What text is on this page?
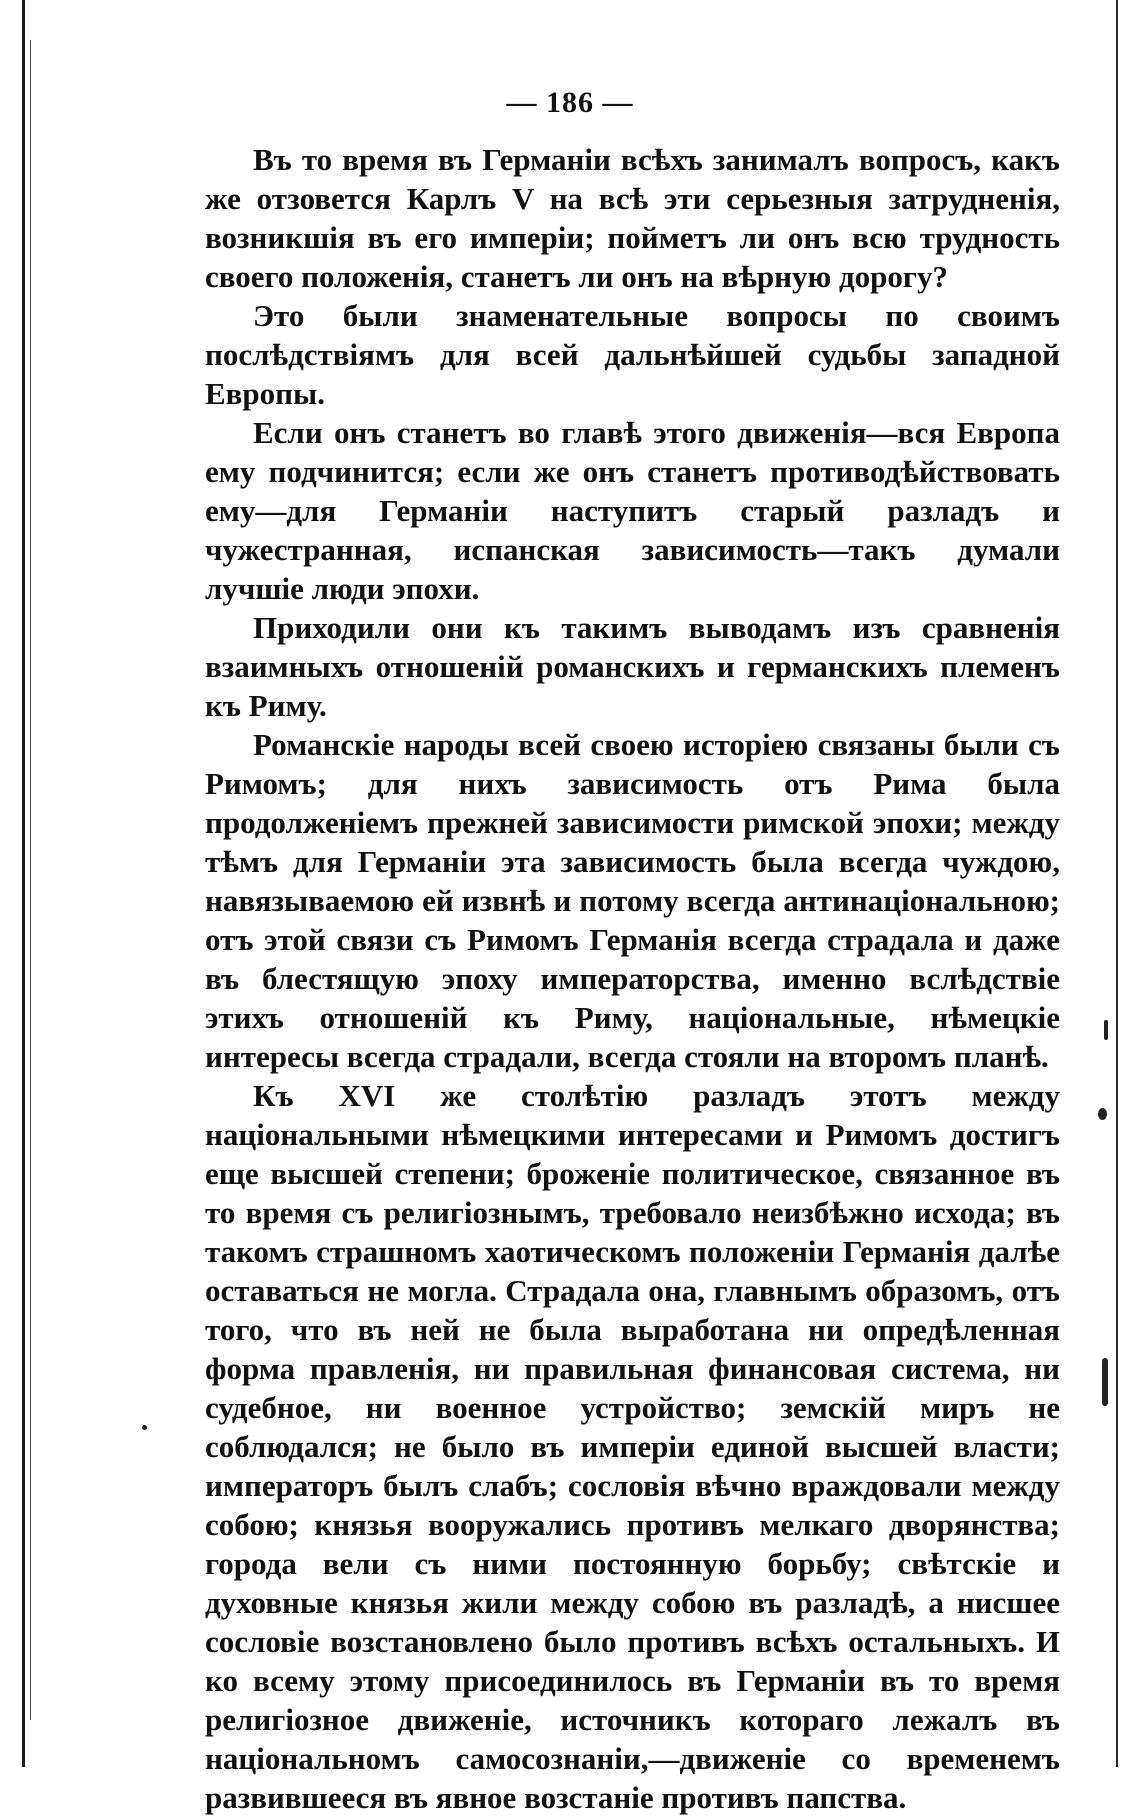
— 186 —

Въ то время въ Германіи всѣхъ занималъ вопросъ, какъ же отзовется Карлъ V на всѣ эти серьезныя затрудненія, возникшія въ его имперіи; пойметъ ли онъ всю трудность своего положенія, станетъ ли онъ на вѣрную дорогу?

Это были знаменательные вопросы по своимъ послѣдствіямъ для всей дальнѣйшей судьбы западной Европы.

Если онъ станетъ во главѣ этого движенія—вся Европа ему подчинится; если же онъ станетъ противодѣйствовать ему—для Германіи наступитъ старый разладъ и чужестранная, испанская зависимость—такъ думали лучшіе люди эпохи.

Приходили они къ такимъ выводамъ изъ сравненія взаимныхъ отношеній романскихъ и германскихъ племенъ къ Риму.

Романскіе народы всей своею исторіею связаны были съ Римомъ; для нихъ зависимость отъ Рима была продолженіемъ прежней зависимости римской эпохи; между тѣмъ для Германіи эта зависимость была всегда чуждою, навязываемою ей извнѣ и потому всегда антинаціональною; отъ этой связи съ Римомъ Германія всегда страдала и даже въ блестящую эпоху императорства, именно вслѣдствіе этихъ отношеній къ Риму, національные, нѣмецкіе интересы всегда страдали, всегда стояли на второмъ планѣ.

Къ XVI же столѣтію разладъ этотъ между національными нѣмецкими интересами и Римомъ достигъ еще высшей степени; броженіе политическое, связанное въ то время съ религіознымъ, требовало неизбѣжно исхода; въ такомъ страшномъ хаотическомъ положеніи Германія далѣе оставаться не могла. Страдала она, главнымъ образомъ, отъ того, что въ ней не была выработана ни опредѣленная форма правленія, ни правильная финансовая система, ни судебное, ни военное устройство; земскій миръ не соблюдался; не было въ имперіи единой высшей власти; императоръ былъ слабъ; сословія вѣчно враждовали между собою; князья вооружались противъ мелкаго дворянства; города вели съ ними постоянную борьбу; свѣтскіе и духовные князья жили между собою въ разладѣ, а нисшее сословіе возстановлено было противъ всѣхъ остальныхъ. И ко всему этому присоединилось въ Германіи въ то время религіозное движеніе, источникъ котораго лежалъ въ національномъ самосознаніи,—движеніе со временемъ развившееся въ явное возстаніе противъ папства.
